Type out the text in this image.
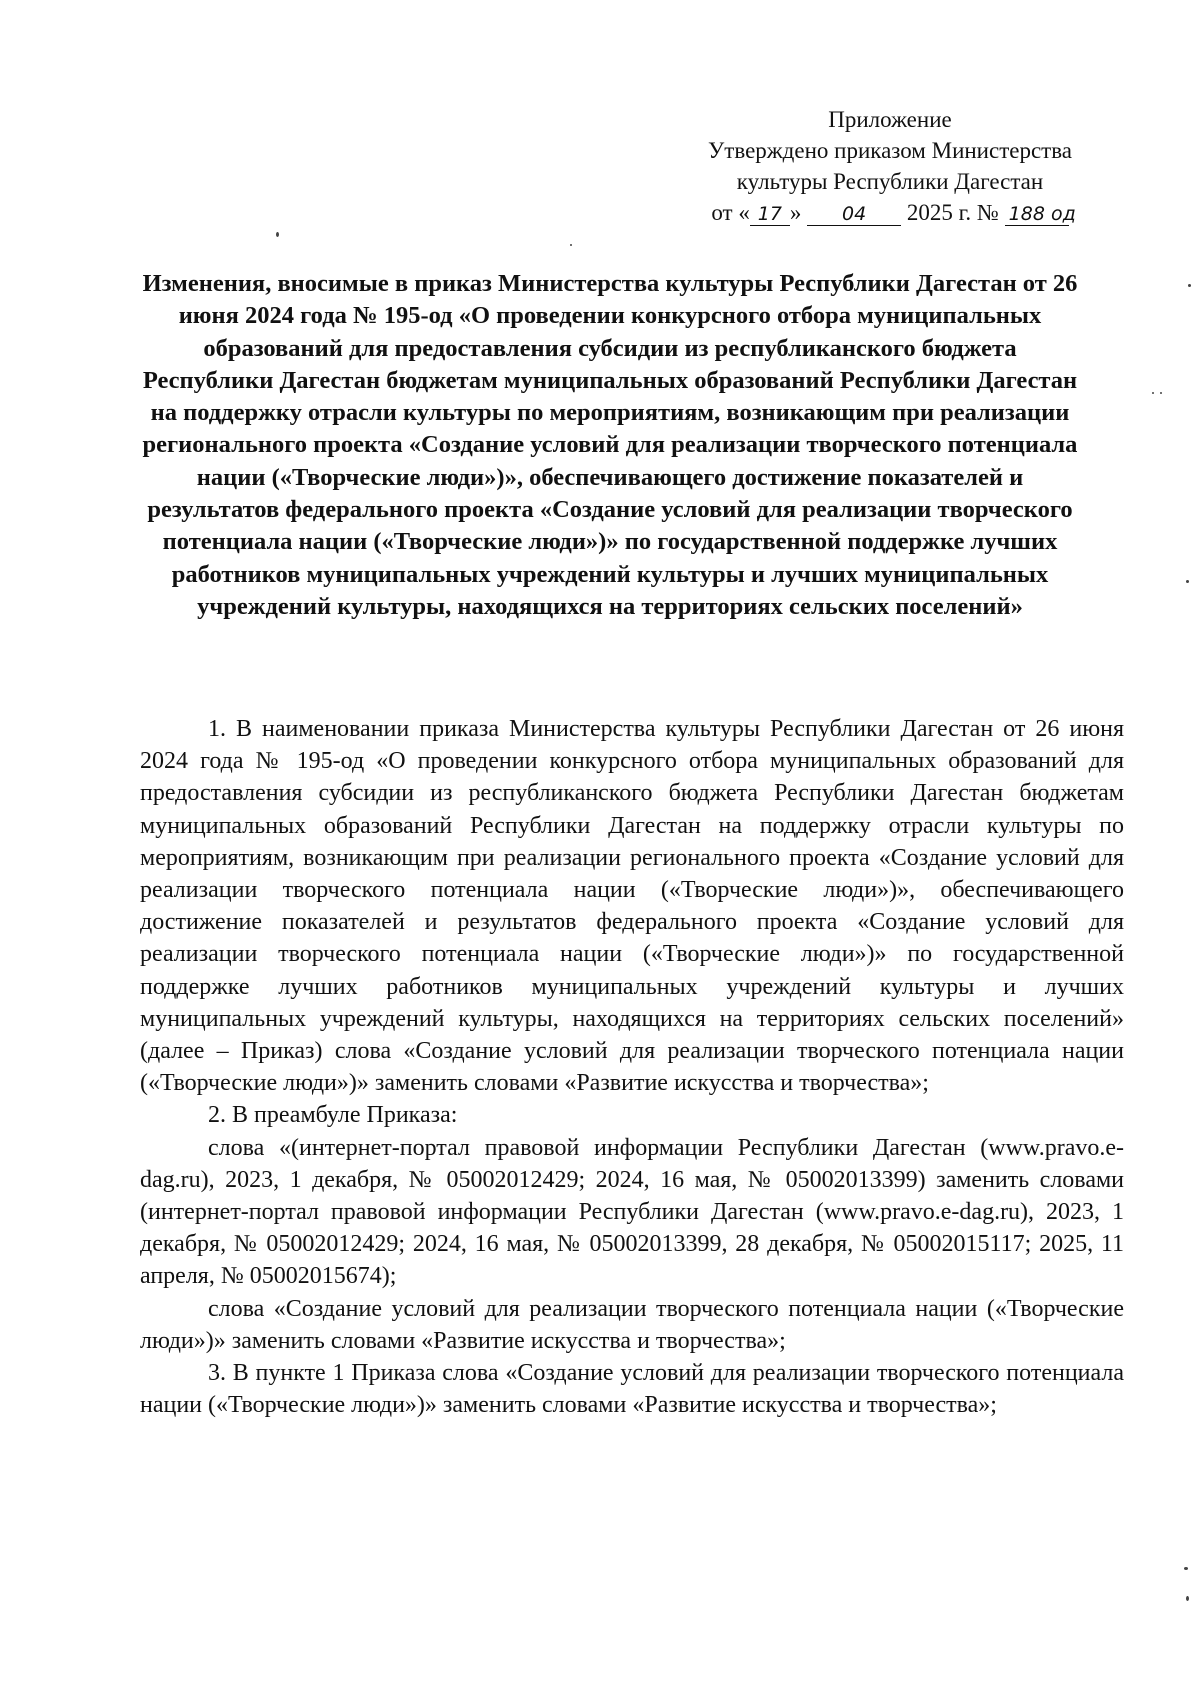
Приложение
Утверждено приказом Министерства
культуры Республики Дагестан
от « 17 » 04 2025 г. № 188 од
Изменения, вносимые в приказ Министерства культуры Республики Дагестан от 26 июня 2024 года № 195-од «О проведении конкурсного отбора муниципальных образований для предоставления субсидии из республиканского бюджета Республики Дагестан бюджетам муниципальных образований Республики Дагестан на поддержку отрасли культуры по мероприятиям, возникающим при реализации регионального проекта «Создание условий для реализации творческого потенциала нации («Творческие люди»)», обеспечивающего достижение показателей и результатов федерального проекта «Создание условий для реализации творческого потенциала нации («Творческие люди»)» по государственной поддержке лучших работников муниципальных учреждений культуры и лучших муниципальных учреждений культуры, находящихся на территориях сельских поселений»

1. В наименовании приказа Министерства культуры Республики Дагестан от 26 июня 2024 года № 195-од «О проведении конкурсного отбора муниципальных образований для предоставления субсидии из республиканского бюджета Республики Дагестан бюджетам муниципальных образований Республики Дагестан на поддержку отрасли культуры по мероприятиям, возникающим при реализации регионального проекта «Создание условий для реализации творческого потенциала нации («Творческие люди»)», обеспечивающего достижение показателей и результатов федерального проекта «Создание условий для реализации творческого потенциала нации («Творческие люди»)» по государственной поддержке лучших работников муниципальных учреждений культуры и лучших муниципальных учреждений культуры, находящихся на территориях сельских поселений» (далее – Приказ) слова «Создание условий для реализации творческого потенциала нации («Творческие люди»)» заменить словами «Развитие искусства и творчества»;

2. В преамбуле Приказа:

слова «(интернет-портал правовой информации Республики Дагестан (www.pravo.e-dag.ru), 2023, 1 декабря, № 05002012429; 2024, 16 мая, № 05002013399) заменить словами (интернет-портал правовой информации Республики Дагестан (www.pravo.e-dag.ru), 2023, 1 декабря, № 05002012429; 2024, 16 мая, № 05002013399, 28 декабря, № 05002015117; 2025, 11 апреля, № 05002015674);

слова «Создание условий для реализации творческого потенциала нации («Творческие люди»)» заменить словами «Развитие искусства и творчества»;

3. В пункте 1 Приказа слова «Создание условий для реализации творческого потенциала нации («Творческие люди»)» заменить словами «Развитие искусства и творчества»;
